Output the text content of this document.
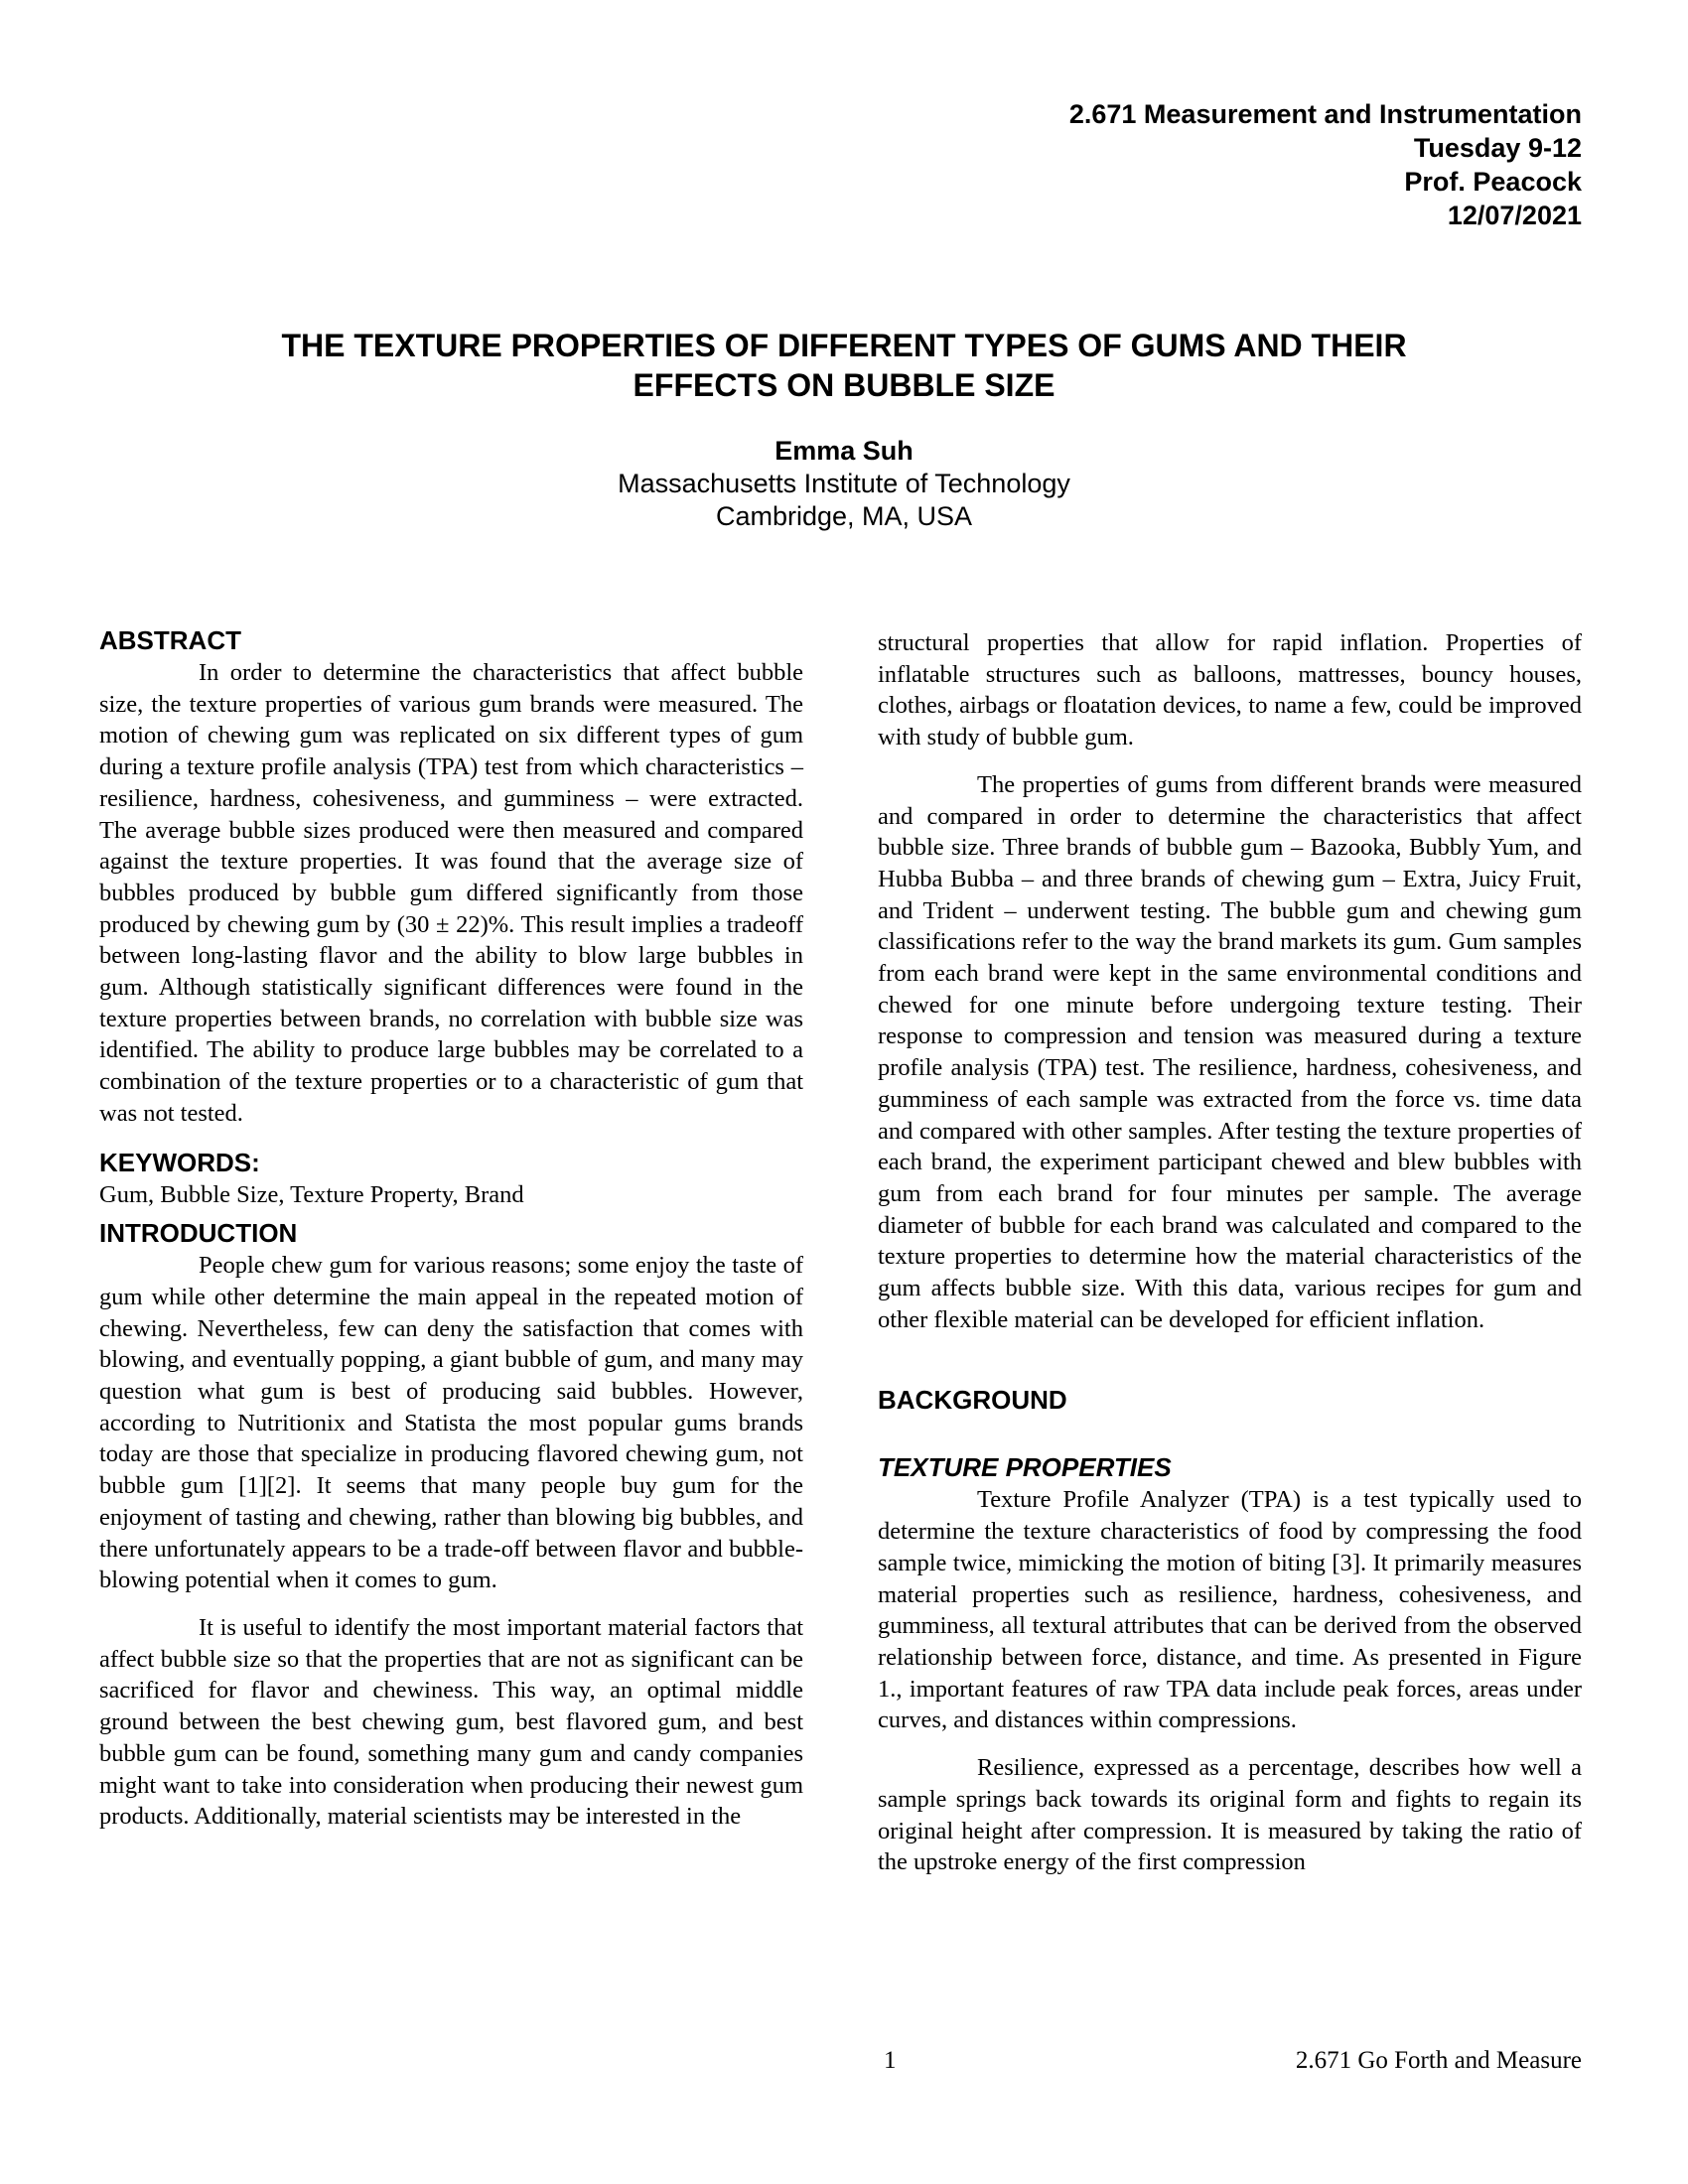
2.671 Measurement and Instrumentation
Tuesday 9-12
Prof. Peacock
12/07/2021
THE TEXTURE PROPERTIES OF DIFFERENT TYPES OF GUMS AND THEIR
EFFECTS ON BUBBLE SIZE
Emma Suh
Massachusetts Institute of Technology
Cambridge, MA, USA
ABSTRACT

In order to determine the characteristics that affect bubble size, the texture properties of various gum brands were measured. The motion of chewing gum was replicated on six different types of gum during a texture profile analysis (TPA) test from which characteristics – resilience, hardness, cohesiveness, and gumminess – were extracted. The average bubble sizes produced were then measured and compared against the texture properties. It was found that the average size of bubbles produced by bubble gum differed significantly from those produced by chewing gum by (30 ± 22)%. This result implies a tradeoff between long-lasting flavor and the ability to blow large bubbles in gum. Although statistically significant differences were found in the texture properties between brands, no correlation with bubble size was identified. The ability to produce large bubbles may be correlated to a combination of the texture properties or to a characteristic of gum that was not tested.

KEYWORDS:

Gum, Bubble Size, Texture Property, Brand

INTRODUCTION

People chew gum for various reasons; some enjoy the taste of gum while other determine the main appeal in the repeated motion of chewing. Nevertheless, few can deny the satisfaction that comes with blowing, and eventually popping, a giant bubble of gum, and many may question what gum is best of producing said bubbles. However, according to Nutritionix and Statista the most popular gums brands today are those that specialize in producing flavored chewing gum, not bubble gum [1][2]. It seems that many people buy gum for the enjoyment of tasting and chewing, rather than blowing big bubbles, and there unfortunately appears to be a trade-off between flavor and bubble-blowing potential when it comes to gum.

It is useful to identify the most important material factors that affect bubble size so that the properties that are not as significant can be sacrificed for flavor and chewiness. This way, an optimal middle ground between the best chewing gum, best flavored gum, and best bubble gum can be found, something many gum and candy companies might want to take into consideration when producing their newest gum products. Additionally, material scientists may be interested in the

structural properties that allow for rapid inflation. Properties of inflatable structures such as balloons, mattresses, bouncy houses, clothes, airbags or floatation devices, to name a few, could be improved with study of bubble gum.

The properties of gums from different brands were measured and compared in order to determine the characteristics that affect bubble size. Three brands of bubble gum – Bazooka, Bubbly Yum, and Hubba Bubba – and three brands of chewing gum – Extra, Juicy Fruit, and Trident – underwent testing. The bubble gum and chewing gum classifications refer to the way the brand markets its gum. Gum samples from each brand were kept in the same environmental conditions and chewed for one minute before undergoing texture testing. Their response to compression and tension was measured during a texture profile analysis (TPA) test. The resilience, hardness, cohesiveness, and gumminess of each sample was extracted from the force vs. time data and compared with other samples. After testing the texture properties of each brand, the experiment participant chewed and blew bubbles with gum from each brand for four minutes per sample. The average diameter of bubble for each brand was calculated and compared to the texture properties to determine how the material characteristics of the gum affects bubble size. With this data, various recipes for gum and other flexible material can be developed for efficient inflation.

BACKGROUND
TEXTURE PROPERTIES

Texture Profile Analyzer (TPA) is a test typically used to determine the texture characteristics of food by compressing the food sample twice, mimicking the motion of biting [3]. It primarily measures material properties such as resilience, hardness, cohesiveness, and gumminess, all textural attributes that can be derived from the observed relationship between force, distance, and time. As presented in Figure 1., important features of raw TPA data include peak forces, areas under curves, and distances within compressions.

Resilience, expressed as a percentage, describes how well a sample springs back towards its original form and fights to regain its original height after compression. It is measured by taking the ratio of the upstroke energy of the first compression

1	2.671 Go Forth and Measure
